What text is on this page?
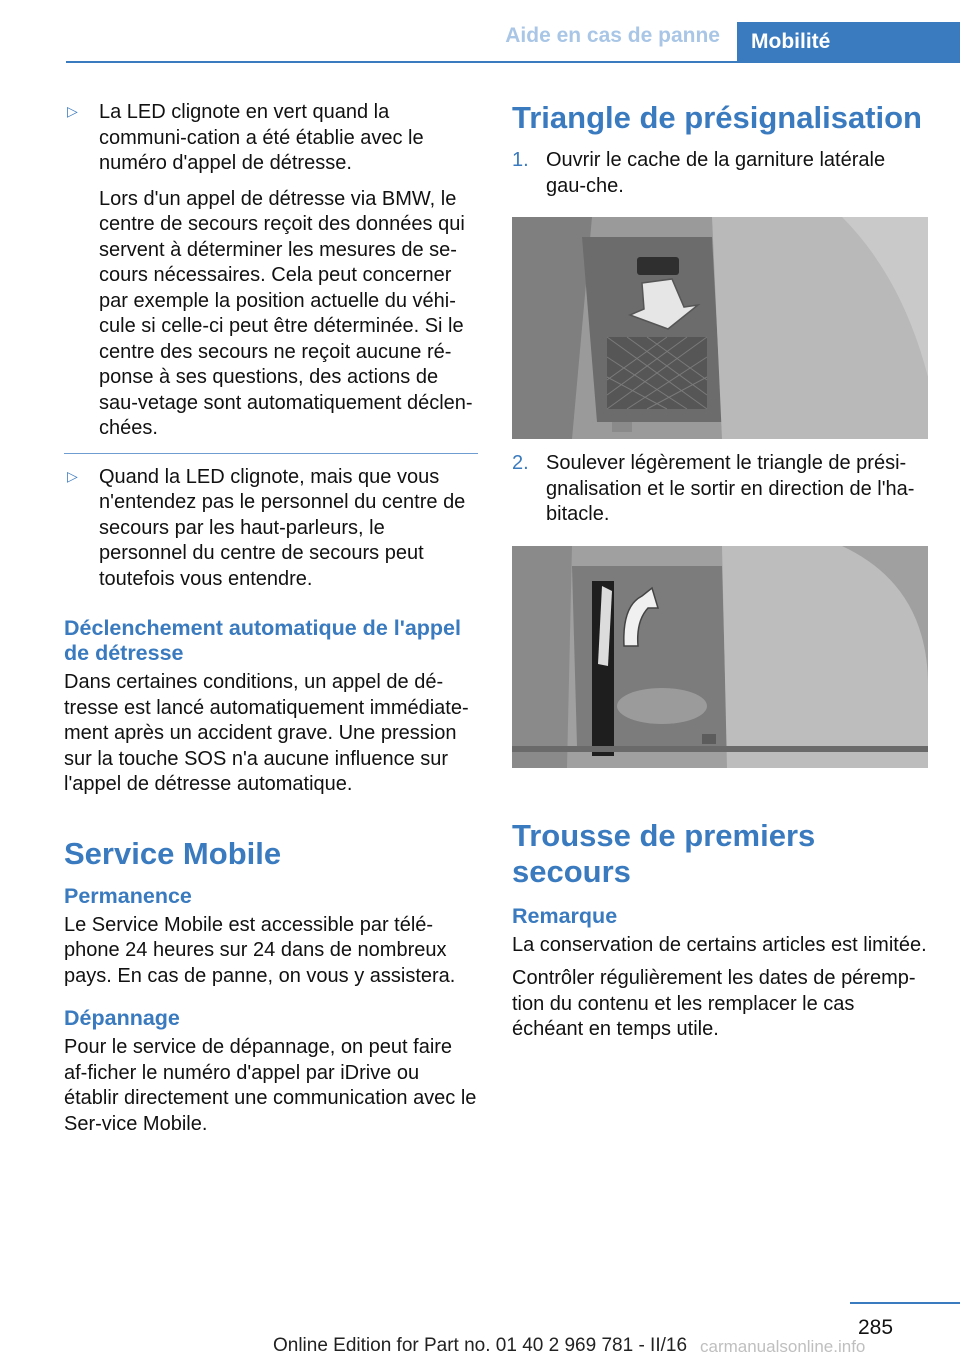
Aide en cas de panne	Mobilité
▷ La LED clignote en vert quand la communi-cation a été établie avec le numéro d'appel de détresse.

Lors d'un appel de détresse via BMW, le centre de secours reçoit des données qui servent à déterminer les mesures de se-cours nécessaires. Cela peut concerner par exemple la position actuelle du véhi-cule si celle-ci peut être déterminée. Si le centre des secours ne reçoit aucune ré-ponse à ses questions, des actions de sau-vetage sont automatiquement déclen-chées.

▷ Quand la LED clignote, mais que vous n'entendez pas le personnel du centre de secours par les haut-parleurs, le personnel du centre de secours peut toutefois vous entendre.

Déclenchement automatique de l'appel de détresse

Dans certaines conditions, un appel de dé-tresse est lancé automatiquement immédiate-ment après un accident grave. Une pression sur la touche SOS n'a aucune influence sur l'appel de détresse automatique.

Service Mobile
Permanence

Le Service Mobile est accessible par télé-phone 24 heures sur 24 dans de nombreux pays. En cas de panne, on vous y assistera.

Dépannage

Pour le service de dépannage, on peut faire af-ficher le numéro d'appel par iDrive ou établir directement une communication avec le Ser-vice Mobile.

Triangle de présignalisation
1. Ouvrir le cache de la garniture latérale gau-che.

2. Soulever légèrement le triangle de prési-gnalisation et le sortir en direction de l'ha-bitacle.

Trousse de premiers secours
Remarque

La conservation de certains articles est limitée.

Contrôler régulièrement les dates de péremp-tion du contenu et les remplacer le cas échéant en temps utile.

285
Online Edition for Part no. 01 40 2 969 781 - II/16 carmanualsonline.info
